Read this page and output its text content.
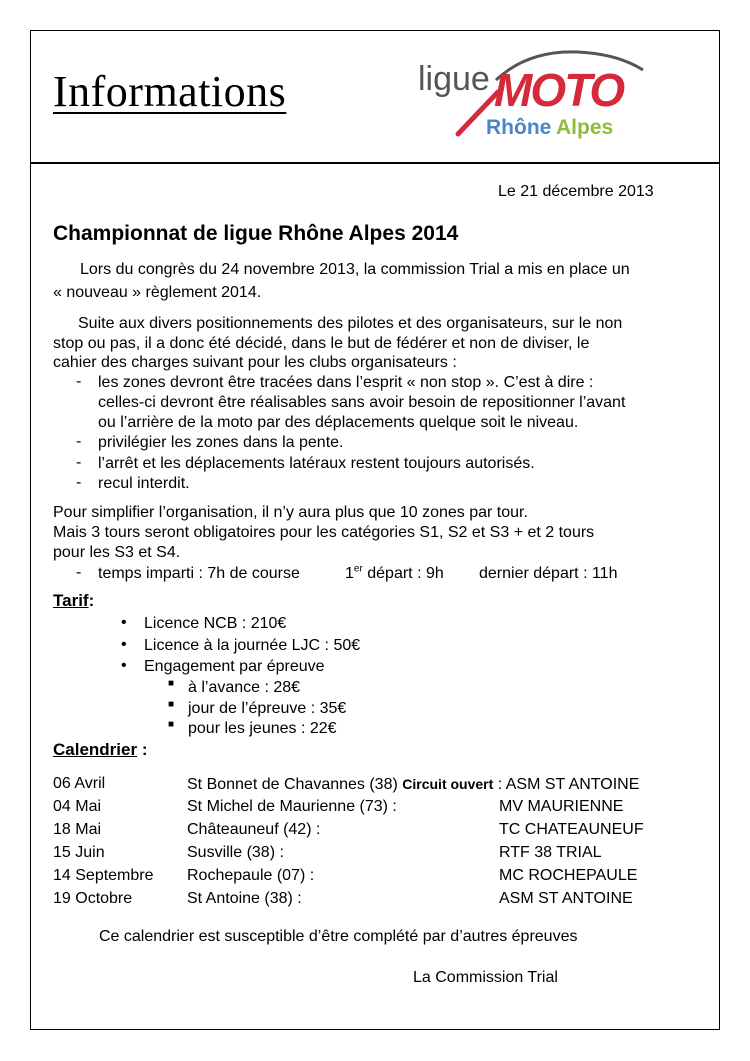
Informations	ligue MOTO
Rhône Alpes
Le 21 décembre 2013
Championnat de ligue Rhône Alpes 2014
Lors du congrès du 24 novembre 2013, la commission Trial a mis en place un
« nouveau » règlement 2014.
Suite aux divers positionnements des pilotes et des organisateurs, sur le non
stop ou pas, il a donc été décidé, dans le but de fédérer et non de diviser, le
cahier des charges suivant pour les clubs organisateurs :
- les zones devront être tracées dans l’esprit « non stop ». C’est à dire :
celles-ci devront être réalisables sans avoir besoin de repositionner l’avant
ou l’arrière de la moto par des déplacements quelque soit le niveau.
- privilégier les zones dans la pente.
- l’arrêt et les déplacements latéraux restent toujours autorisés.
- recul interdit.
Pour simplifier l’organisation, il n’y aura plus que 10 zones par tour.
Mais 3 tours seront obligatoires pour les catégories S1, S2 et S3 + et 2 tours
pour les S3 et S4.
- temps imparti : 7h de course	1er départ : 9h dernier départ : 11h
Tarif:
• Licence NCB : 210€
• Licence à la journée LJC : 50€
• Engagement par épreuve
■ à l’avance : 28€
■ jour de l’épreuve : 35€
■ pour les jeunes : 22€
Calendrier :
06 Avril	St Bonnet de Chavannes (38) Circuit ouvert : ASM ST ANTOINE
04 Mai	St Michel de Maurienne (73) :	MV MAURIENNE
18 Mai	Châteauneuf (42) :	TC CHATEAUNEUF
15 Juin	Susville (38) :	RTF 38 TRIAL
14 Septembre Rochepaule (07) :	MC ROCHEPAULE
19 Octobre	St Antoine (38) :	ASM ST ANTOINE
Ce calendrier est susceptible d’être complété par d’autres épreuves
La Commission Trial
